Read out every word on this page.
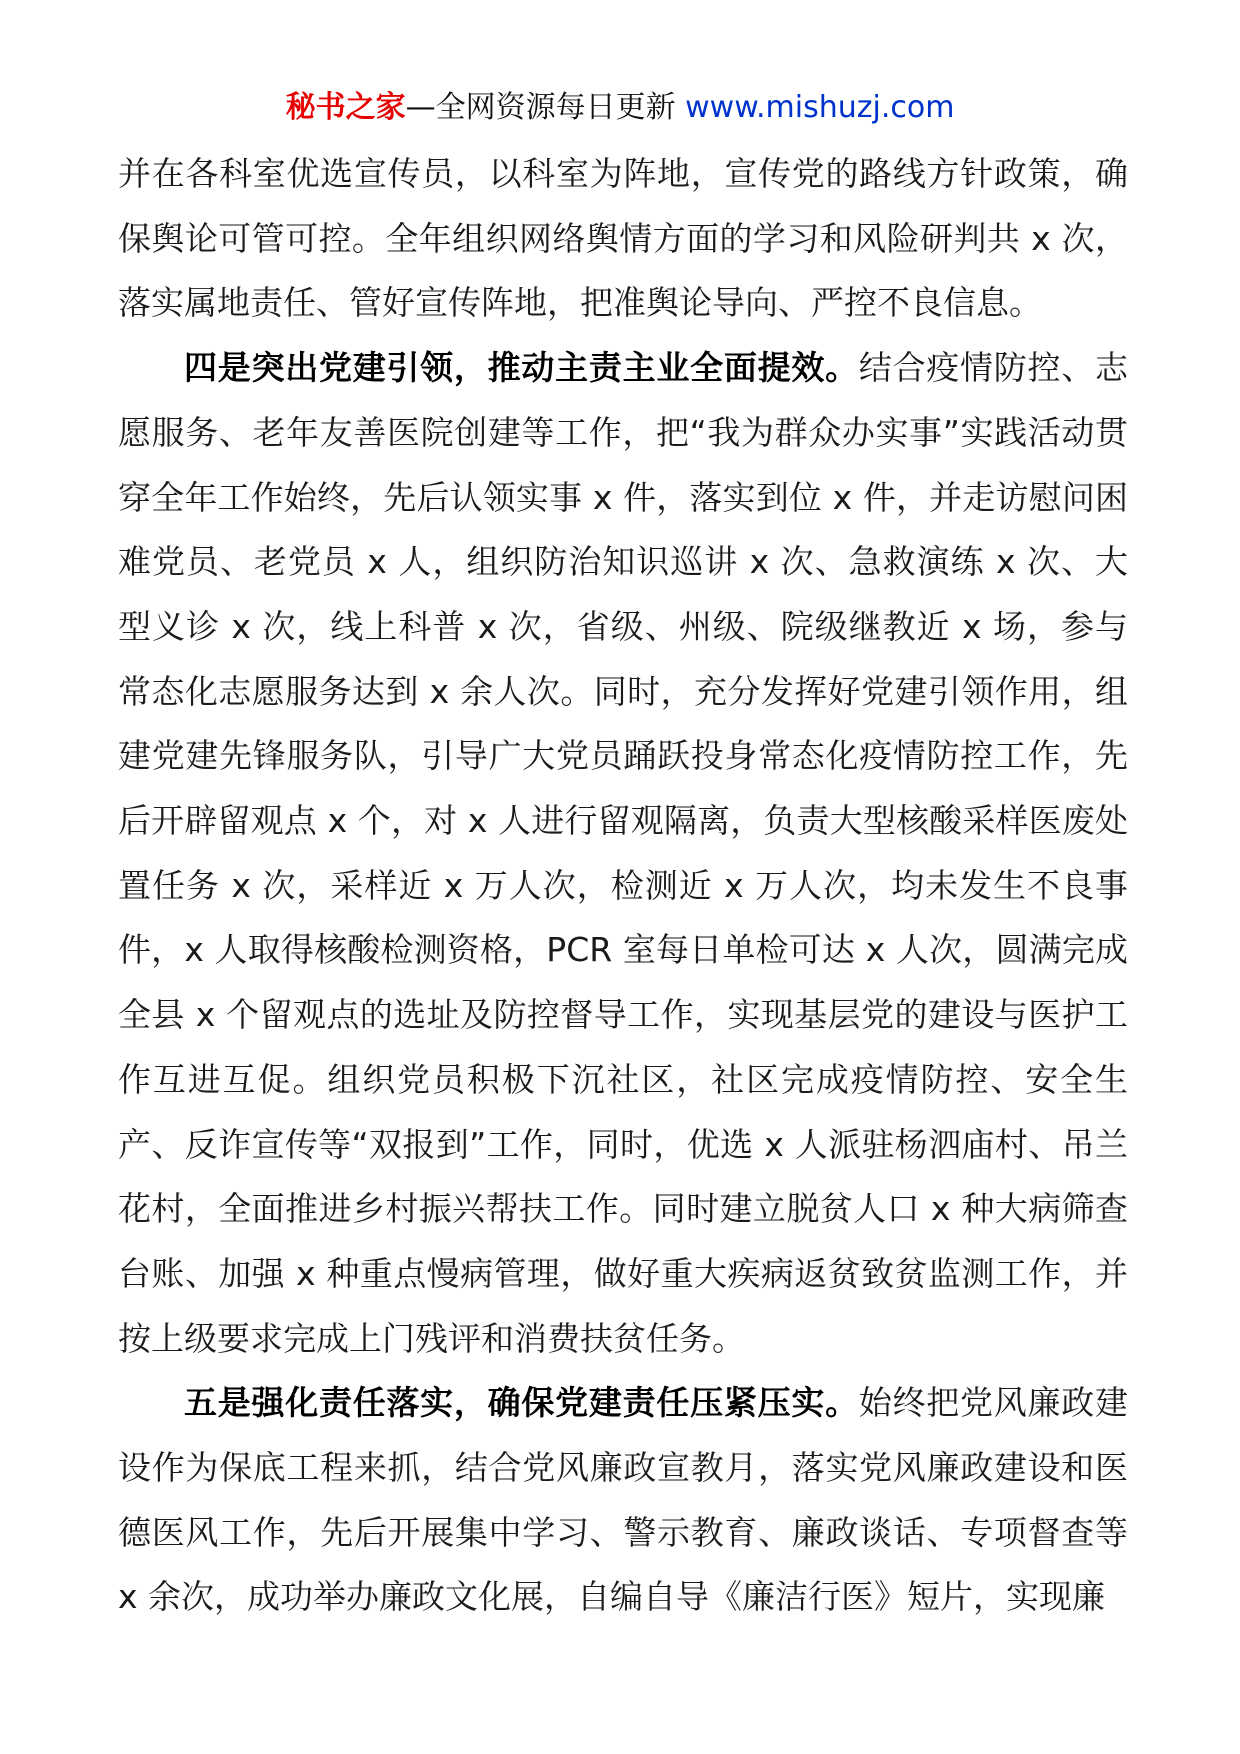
秘书之家—全网资源每日更新 www.mishuzj.com

并在各科室优选宣传员，以科室为阵地，宣传党的路线方针政策，确保舆论可管可控。全年组织网络舆情方面的学习和风险研判共 x 次，落实属地责任、管好宣传阵地，把准舆论导向、严控不良信息。

四是突出党建引领，推动主责主业全面提效。结合疫情防控、志愿服务、老年友善医院创建等工作，把“我为群众办实事”实践活动贯穿全年工作始终，先后认领实事 x 件，落实到位 x 件，并走访慰问困难党员、老党员 x 人，组织防治知识巡讲 x 次、急救演练 x 次、大型义诊 x 次，线上科普 x 次，省级、州级、院级继教近 x 场，参与常态化志愿服务达到 x 余人次。同时，充分发挥好党建引领作用，组建党建先锋服务队，引导广大党员踊跃投身常态化疫情防控工作，先后开辟留观点 x 个，对 x 人进行留观隔离，负责大型核酸采样医废处置任务 x 次，采样近 x 万人次，检测近 x 万人次，均未发生不良事件，x 人取得核酸检测资格，PCR 室每日单检可达 x 人次，圆满完成全县 x 个留观点的选址及防控督导工作，实现基层党的建设与医护工作互进互促。组织党员积极下沉社区，社区完成疫情防控、安全生产、反诈宣传等“双报到”工作，同时，优选 x 人派驻杨泗庙村、吊兰花村，全面推进乡村振兴帮扶工作。同时建立脱贫人口 x 种大病筛查台账、加强 x 种重点慢病管理，做好重大疾病返贫致贫监测工作，并按上级要求完成上门残评和消费扶贫任务。

五是强化责任落实，确保党建责任压紧压实。始终把党风廉政建设作为保底工程来抓，结合党风廉政宣教月，落实党风廉政建设和医德医风工作，先后开展集中学习、警示教育、廉政谈话、专项督查等 x 余次，成功举办廉政文化展，自编自导《廉洁行医》短片，实现廉
